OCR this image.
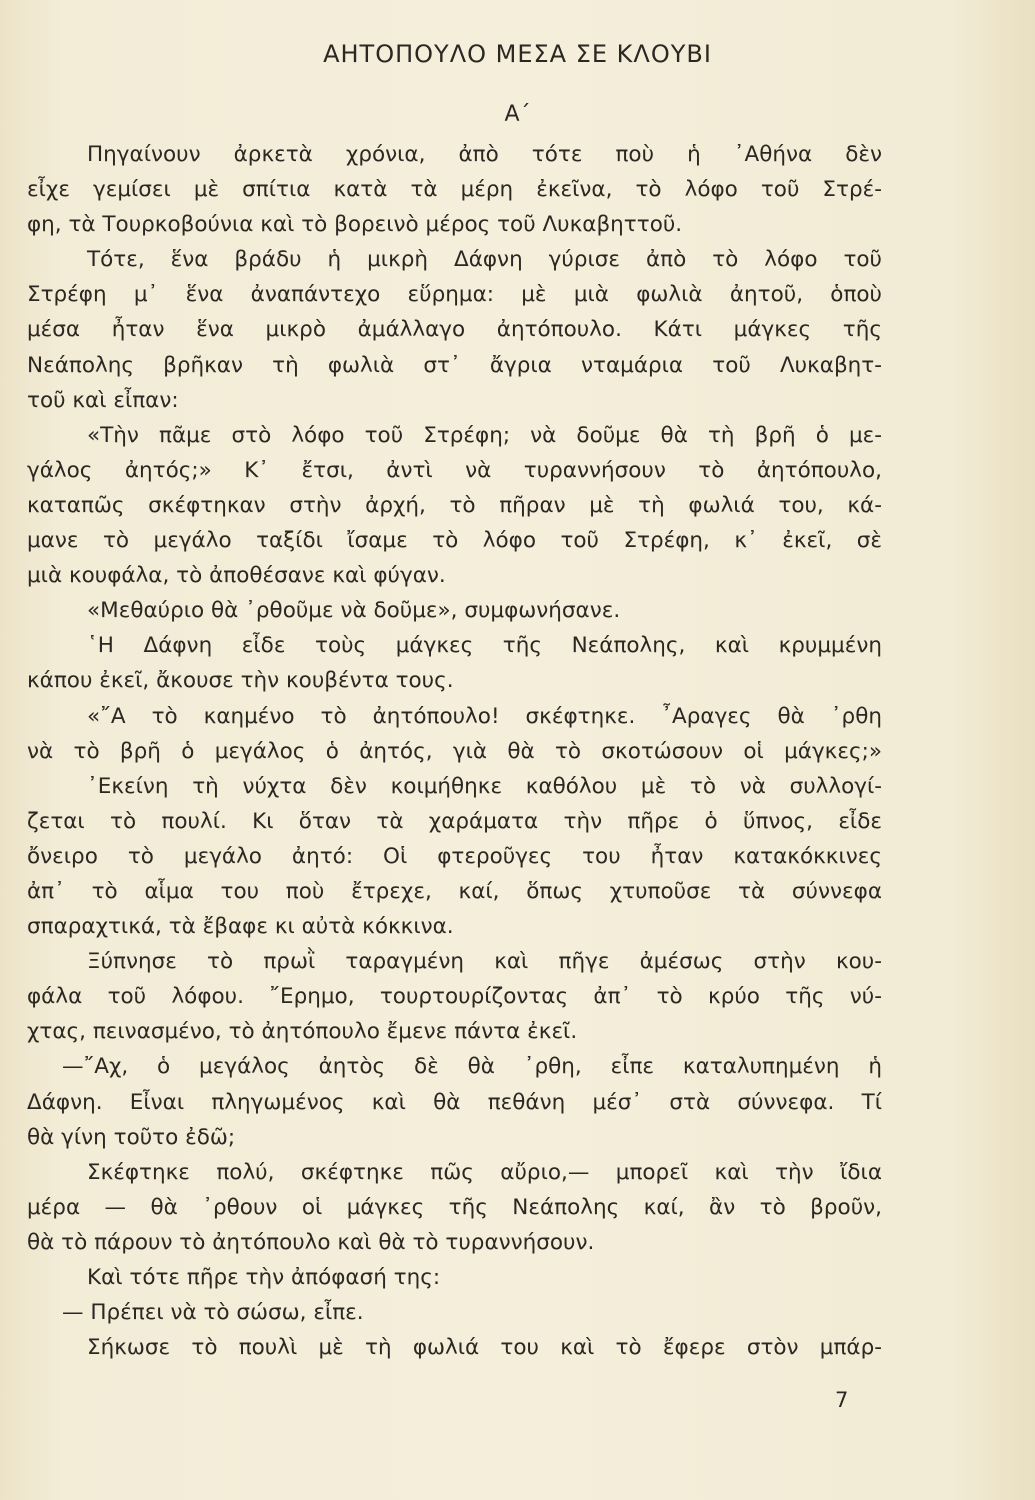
ΑΗΤΟΠΟΥΛΟ ΜΕΣΑ ΣΕ ΚΛΟΥΒΙ
Α΄
Πηγαίνουν ἀρκετὰ χρόνια, ἀπὸ τότε ποὺ ἡ ᾿Αθήνα δὲν
εἶχε γεμίσει μὲ σπίτια κατὰ τὰ μέρη ἐκεῖνα, τὸ λόφο τοῦ Στρέ-
φη, τὰ Τουρκοβούνια καὶ τὸ βορεινὸ μέρος τοῦ Λυκαβηττοῦ.
Τότε, ἕνα βράδυ ἡ μικρὴ Δάφνη γύρισε ἀπὸ τὸ λόφο τοῦ
Στρέφη μ᾿ ἕνα ἀναπάντεχο εὕρημα: μὲ μιὰ φωλιὰ ἀητοῦ, ὁποὺ
μέσα ἦταν ἕνα μικρὸ ἀμάλλαγο ἀητόπουλο. Κάτι μάγκες τῆς
Νεάπολης βρῆκαν τὴ φωλιὰ στ᾿ ἄγρια νταμάρια τοῦ Λυκαβητ-
τοῦ καὶ εἶπαν:
«Τὴν πᾶμε στὸ λόφο τοῦ Στρέφη; νὰ δοῦμε θὰ τὴ βρῆ ὁ με-
γάλος ἀητός;» Κ᾿ ἔτσι, ἀντὶ νὰ τυραννήσουν τὸ ἀητόπουλο,
καταπῶς σκέφτηκαν στὴν ἀρχή, τὸ πῆραν μὲ τὴ φωλιά του, κά-
μανε τὸ μεγάλο ταξίδι ἴσαμε τὸ λόφο τοῦ Στρέφη, κ᾿ ἐκεῖ, σὲ
μιὰ κουφάλα, τὸ ἀποθέσανε καὶ φύγαν.
«Μεθαύριο θὰ ᾿ρθοῦμε νὰ δοῦμε», συμφωνήσανε.
῾Η Δάφνη εἶδε τοὺς μάγκες τῆς Νεάπολης, καὶ κρυμμένη
κάπου ἐκεῖ, ἄκουσε τὴν κουβέντα τους.
«῎Α τὸ καημένο τὸ ἀητόπουλο! σκέφτηκε. ῏Αραγες θὰ ᾿ρθη
νὰ τὸ βρῆ ὁ μεγάλος ὁ ἀητός, γιὰ θὰ τὸ σκοτώσουν οἱ μάγκες;»
᾿Εκείνη τὴ νύχτα δὲν κοιμήθηκε καθόλου μὲ τὸ νὰ συλλογί-
ζεται τὸ πουλί. Κι ὅταν τὰ χαράματα τὴν πῆρε ὁ ὕπνος, εἶδε
ὄνειρο τὸ μεγάλο ἀητό: Οἱ φτεροῦγες του ἦταν κατακόκκινες
ἀπ᾿ τὸ αἷμα του ποὺ ἔτρεχε, καί, ὅπως χτυποῦσε τὰ σύννεφα
σπαραχτικά, τὰ ἔβαφε κι αὐτὰ κόκκινα.
Ξύπνησε τὸ πρωῒ ταραγμένη καὶ πῆγε ἀμέσως στὴν κου-
φάλα τοῦ λόφου. ῎Ερημο, τουρτουρίζοντας ἀπ᾿ τὸ κρύο τῆς νύ-
χτας, πεινασμένο, τὸ ἀητόπουλο ἔμενε πάντα ἐκεῖ.
—῎Αχ, ὁ μεγάλος ἀητὸς δὲ θὰ ᾿ρθη, εἶπε καταλυπημένη ἡ
Δάφνη. Εἶναι πληγωμένος καὶ θὰ πεθάνη μέσ᾿ στὰ σύννεφα. Τί
θὰ γίνη τοῦτο ἐδῶ;
Σκέφτηκε πολύ, σκέφτηκε πῶς αὔριο,— μπορεῖ καὶ τὴν ἴδια
μέρα — θὰ ᾿ρθουν οἱ μάγκες τῆς Νεάπολης καί, ἂν τὸ βροῦν,
θὰ τὸ πάρουν τὸ ἀητόπουλο καὶ θὰ τὸ τυραννήσουν.
Καὶ τότε πῆρε τὴν ἀπόφασή της:
— Πρέπει νὰ τὸ σώσω, εἶπε.
Σήκωσε τὸ πουλὶ μὲ τὴ φωλιά του καὶ τὸ ἔφερε στὸν μπάρ-
7
